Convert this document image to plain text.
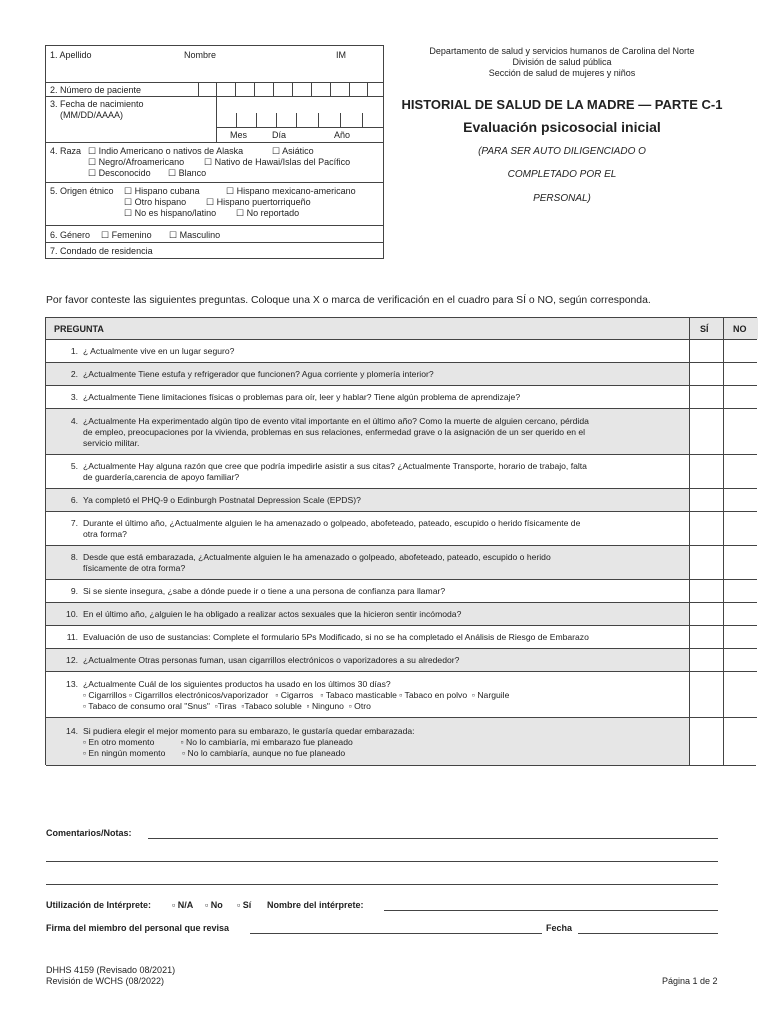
1. Apellido	Nombre	IM
2. Número de paciente
3. Fecha de nacimiento
(MM/DD/AAAA)
Mes	Día	Año
4. Raza ☐ Indio Americano o nativos de Alaska	☐ Asiático
☐ Negro/Afroamericano ☐ Nativo de Hawai/Islas del Pacífico
☐ Desconocido ☐ Blanco
5. Origen étnico ☐ Hispano cubana	☐ Hispano mexicano-americano
☐ Otro hispano ☐ Hispano puertorriqueño
☐ No es hispano/latino ☐ No reportado
6. Género ☐ Femenino ☐ Masculino
7. Condado de residencia
Departamento de salud y servicios humanos de Carolina del Norte
División de salud pública
Sección de salud de mujeres y niños
HISTORIAL DE SALUD DE LA MADRE — PARTE C-1
Evaluación psicosocial inicial
(PARA SER AUTO DILIGENCIADO O
COMPLETADO POR EL
PERSONAL)
Por favor conteste las siguientes preguntas. Coloque una X o marca de verificación en el cuadro para SÍ o NO, según corresponda.
PREGUNTA	SÍ	NO
1. ¿ Actualmente vive en un lugar seguro?
2. ¿Actualmente Tiene estufa y refrigerador que funcionen? Agua corriente y plomería interior?
3. ¿Actualmente Tiene limitaciones físicas o problemas para oír, leer y hablar? Tiene algún problema de aprendizaje?
4. ¿Actualmente Ha experimentado algún tipo de evento vital importante en el último año? Como la muerte de alguien cercano, pérdida
de empleo, preocupaciones por la vivienda, problemas en sus relaciones, enfermedad grave o la asignación de un ser querido en el
servicio militar.
5. ¿Actualmente Hay alguna razón que cree que podría impedirle asistir a sus citas? ¿Actualmente Transporte, horario de trabajo, falta
de guardería,carencia de apoyo familiar?
6. Ya completó el PHQ-9 o Edinburgh Postnatal Depression Scale (EPDS)?
7. Durante el último año, ¿Actualmente alguien le ha amenazado o golpeado, abofeteado, pateado, escupido o herido físicamente de
otra forma?
8. Desde que está embarazada, ¿Actualmente alguien le ha amenazado o golpeado, abofeteado, pateado, escupido o herido
físicamente de otra forma?
9. Si se siente insegura, ¿sabe a dónde puede ir o tiene a una persona de confianza para llamar?
10. En el último año, ¿alguien le ha obligado a realizar actos sexuales que la hicieron sentir incómoda?
11. Evaluación de uso de sustancias: Complete el formulario 5Ps Modificado, si no se ha completado el Análisis de Riesgo de Embarazo
12. ¿Actualmente Otras personas fuman, usan cigarrillos electrónicos o vaporizadores a su alrededor?
13. ¿Actualmente Cuál de los siguientes productos ha usado en los últimos 30 días?
▫ Cigarrillos ▫ Cigarrillos electrónicos/vaporizador   ▫ Cigarros   ▫ Tabaco masticable ▫ Tabaco en polvo  ▫ Narguile
▫ Tabaco de consumo oral "Snus"  ▫Tiras  ▫Tabaco soluble  ▫ Ninguno  ▫ Otro
14. Si pudiera elegir el mejor momento para su embarazo, le gustaría quedar embarazada:
▫ En otro momento           ▫ No lo cambiaría, mi embarazo fue planeado
▫ En ningún momento       ▫ No lo cambiaría, aunque no fue planeado
Comentarios/Notas:
Utilización de Intérprete: ▫ N/A ▫ No ▫ Sí Nombre del intérprete:
Firma del miembro del personal que revisa	Fecha
DHHS 4159 (Revisado 08/2021)
Revisión de WCHS (08/2022)	Página 1 de 2
